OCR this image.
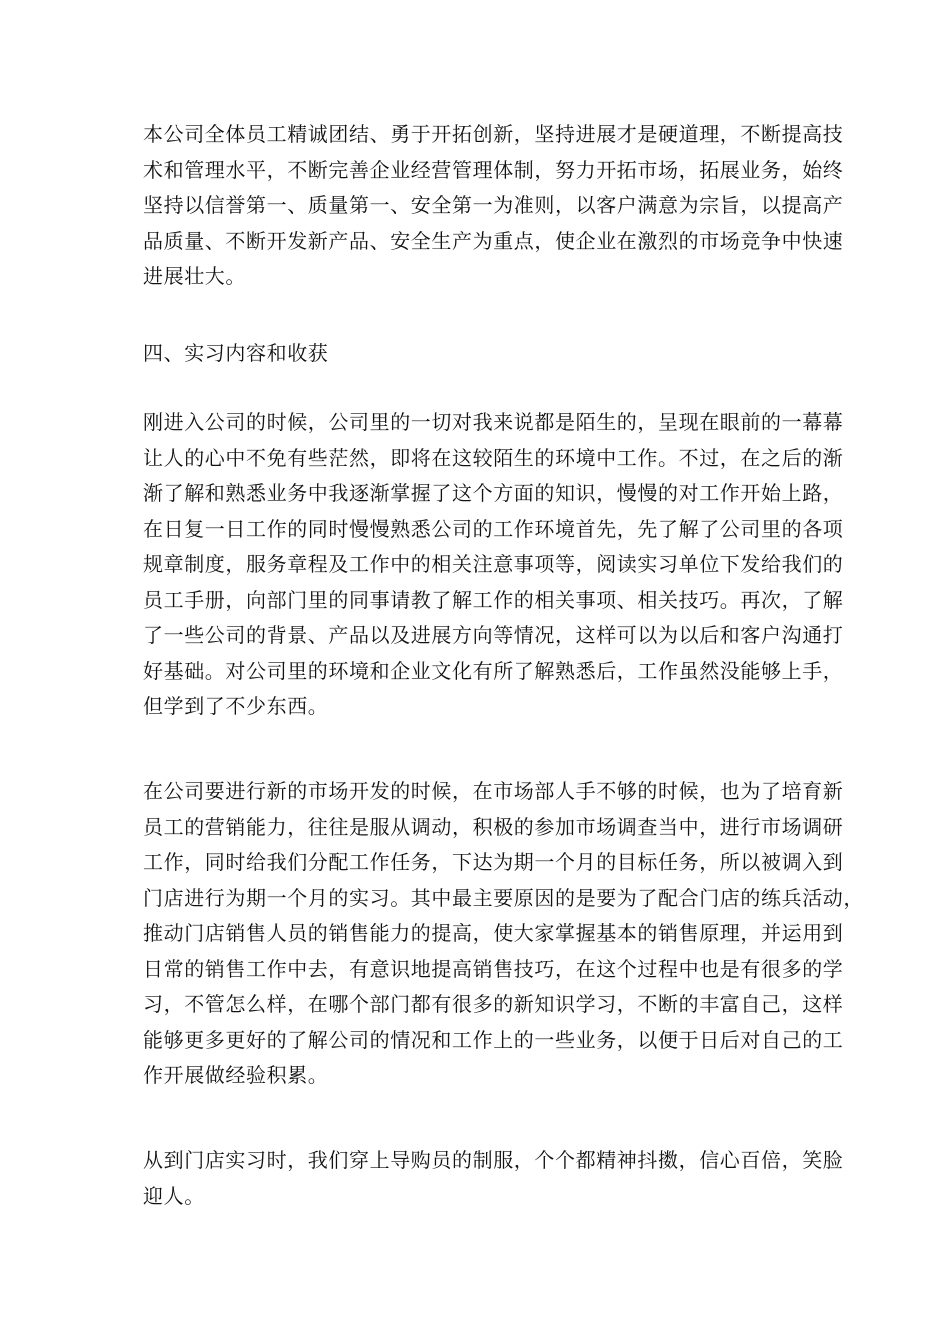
本公司全体员工精诚团结、勇于开拓创新，坚持进展才是硬道理，不断提高技
术和管理水平，不断完善企业经营管理体制，努力开拓市场，拓展业务，始终
坚持以信誉第一、质量第一、安全第一为准则，以客户满意为宗旨，以提高产
品质量、不断开发新产品、安全生产为重点，使企业在激烈的市场竞争中快速
进展壮大。
四、实习内容和收获
刚进入公司的时候，公司里的一切对我来说都是陌生的，呈现在眼前的一幕幕
让人的心中不免有些茫然，即将在这较陌生的环境中工作。不过，在之后的渐
渐了解和熟悉业务中我逐渐掌握了这个方面的知识，慢慢的对工作开始上路，
在日复一日工作的同时慢慢熟悉公司的工作环境首先，先了解了公司里的各项
规章制度，服务章程及工作中的相关注意事项等，阅读实习单位下发给我们的
员工手册，向部门里的同事请教了解工作的相关事项、相关技巧。再次，了解
了一些公司的背景、产品以及进展方向等情况，这样可以为以后和客户沟通打
好基础。对公司里的环境和企业文化有所了解熟悉后，工作虽然没能够上手，
但学到了不少东西。
在公司要进行新的市场开发的时候，在市场部人手不够的时候，也为了培育新
员工的营销能力，往往是服从调动，积极的参加市场调查当中，进行市场调研
工作，同时给我们分配工作任务，下达为期一个月的目标任务，所以被调入到
门店进行为期一个月的实习。其中最主要原因的是要为了配合门店的练兵活动，
推动门店销售人员的销售能力的提高，使大家掌握基本的销售原理，并运用到
日常的销售工作中去，有意识地提高销售技巧，在这个过程中也是有很多的学
习，不管怎么样，在哪个部门都有很多的新知识学习，不断的丰富自己，这样
能够更多更好的了解公司的情况和工作上的一些业务，以便于日后对自己的工
作开展做经验积累。
从到门店实习时，我们穿上导购员的制服，个个都精神抖擞，信心百倍，笑脸
迎人。
